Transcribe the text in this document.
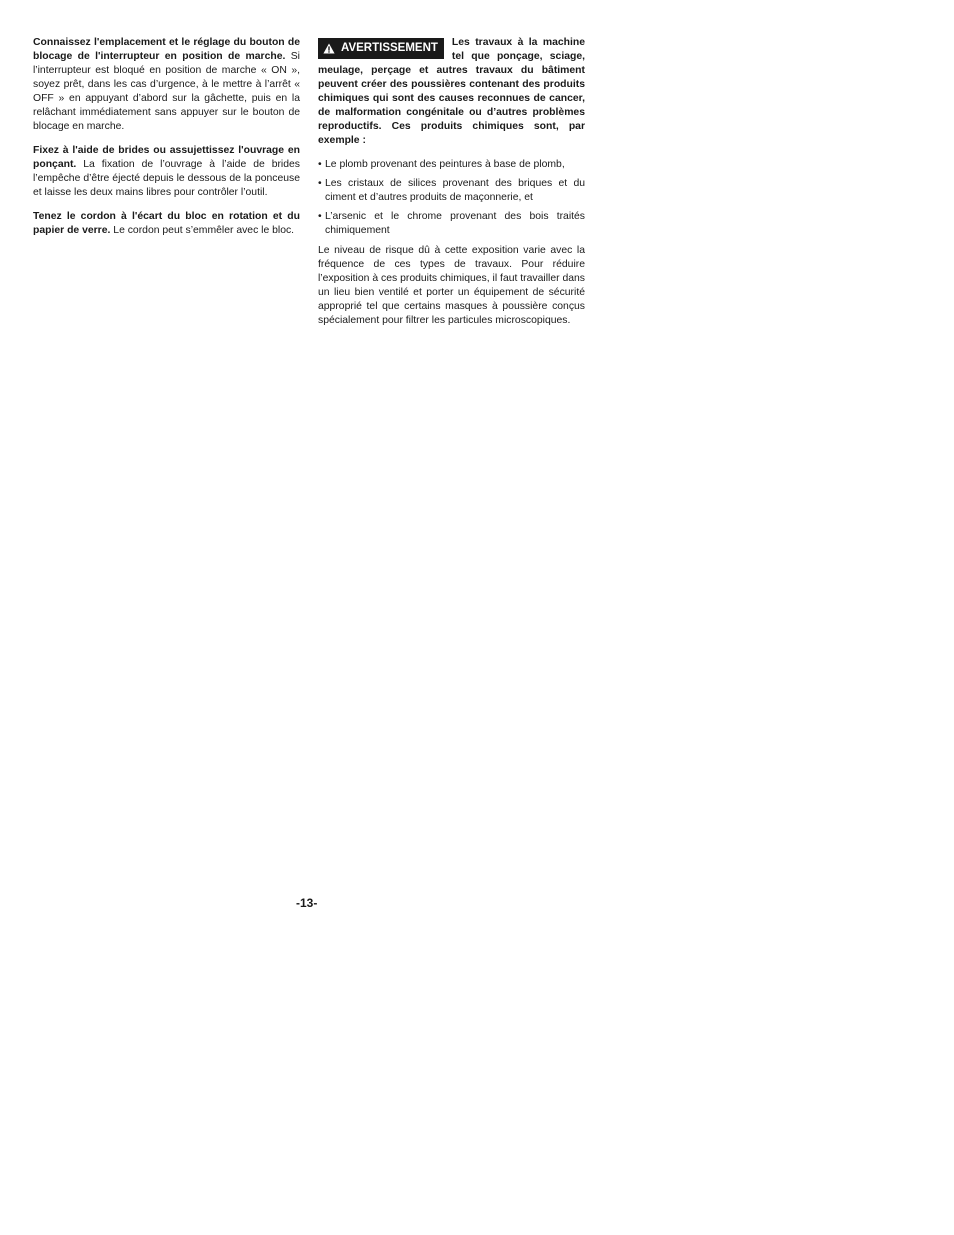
Connaissez l'emplacement et le réglage du bouton de blocage de l'interrupteur en position de marche. Si l’interrupteur est bloqué en position de marche « ON », soyez prêt, dans les cas d’urgence, à le mettre à l’arrêt « OFF » en appuyant d’abord sur la gâchette, puis en la relâchant immédiatement sans appuyer sur le bouton de blocage en marche.

Fixez à l'aide de brides ou assujettissez l'ouvrage en ponçant. La fixation de l’ouvrage à l’aide de brides l’empêche d’être éjecté depuis le dessous de la ponceuse et laisse les deux mains libres pour contrôler l’outil.

Tenez le cordon à l'écart du bloc en rotation et du papier de verre. Le cordon peut s’emmêler avec le bloc.

AVERTISSEMENT Les travaux à la machine tel que ponçage, sciage, meulage, perçage et autres travaux du bâtiment peuvent créer des poussières contenant des produits chimiques qui sont des causes reconnues de cancer, de malformation congénitale ou d’autres problèmes reproductifs. Ces produits chimiques sont, par exemple :

• Le plomb provenant des peintures à base de plomb,
• Les cristaux de silices provenant des briques et du ciment et d’autres produits de maçonnerie, et
• L’arsenic et le chrome provenant des bois traités chimiquement

Le niveau de risque dû à cette exposition varie avec la fréquence de ces types de travaux. Pour réduire l’exposition à ces produits chimiques, il faut travailler dans un lieu bien ventilé et porter un équipement de sécurité approprié tel que certains masques à poussière conçus spécialement pour filtrer les particules microscopiques.

-13-
